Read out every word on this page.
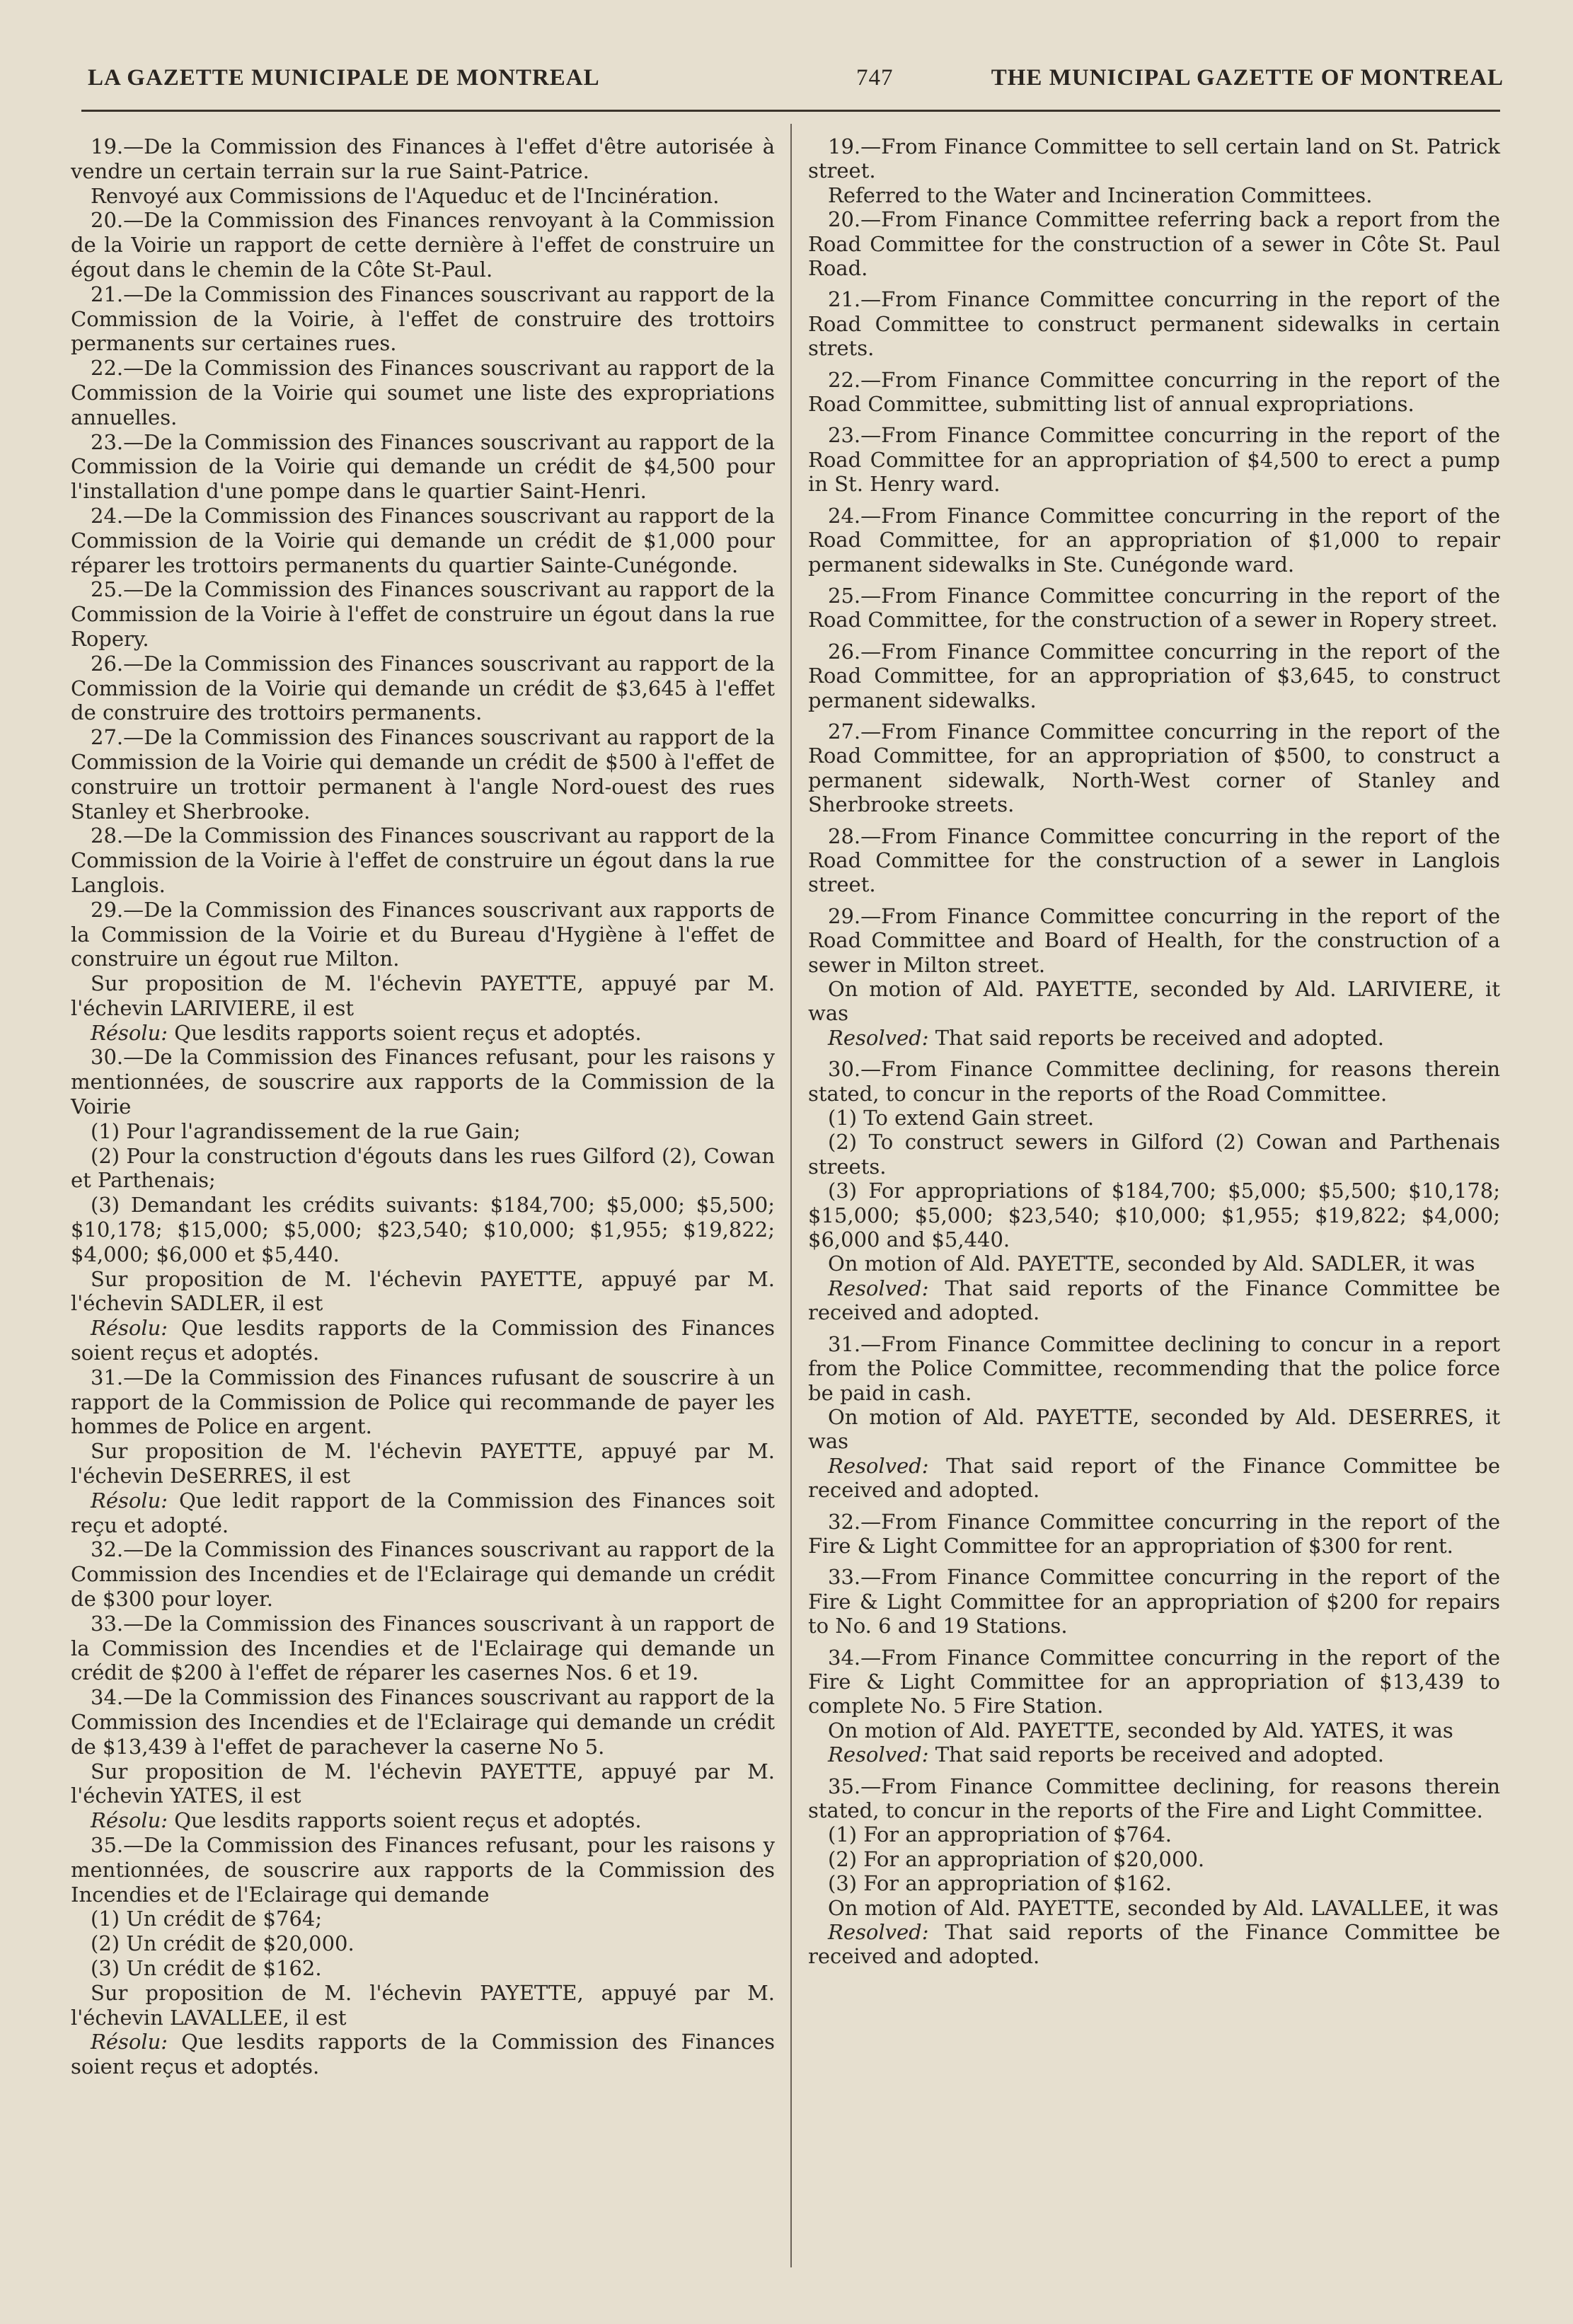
LA GAZETTE MUNICIPALE DE MONTREAL	747	THE MUNICIPAL GAZETTE OF MONTREAL

19.—De la Commission des Finances à l'effet d'être autorisée à vendre un certain terrain sur la rue Saint-Patrice.

Renvoyé aux Commissions de l'Aqueduc et de l'Incinération.

20.—De la Commission des Finances renvoyant à la Commission de la Voirie un rapport de cette dernière à l'effet de construire un égout dans le chemin de la Côte St-Paul.

21.—De la Commission des Finances souscrivant au rapport de la Commission de la Voirie, à l'effet de construire des trottoirs permanents sur certaines rues.

22.—De la Commission des Finances souscrivant au rapport de la Commission de la Voirie qui soumet une liste des expropriations annuelles.

23.—De la Commission des Finances souscrivant au rapport de la Commission de la Voirie qui demande un crédit de $4,500 pour l'installation d'une pompe dans le quartier Saint-Henri.

24.—De la Commission des Finances souscrivant au rapport de la Commission de la Voirie qui demande un crédit de $1,000 pour réparer les trottoirs permanents du quartier Sainte-Cunégonde.

25.—De la Commission des Finances souscrivant au rapport de la Commission de la Voirie à l'effet de construire un égout dans la rue Ropery.

26.—De la Commission des Finances souscrivant au rapport de la Commission de la Voirie qui demande un crédit de $3,645 à l'effet de construire des trottoirs permanents.

27.—De la Commission des Finances souscrivant au rapport de la Commission de la Voirie qui demande un crédit de $500 à l'effet de construire un trottoir permanent à l'angle Nord-ouest des rues Stanley et Sherbrooke.

28.—De la Commission des Finances souscrivant au rapport de la Commission de la Voirie à l'effet de construire un égout dans la rue Langlois.

29.—De la Commission des Finances souscrivant aux rapports de la Commission de la Voirie et du Bureau d'Hygiène à l'effet de construire un égout rue Milton.

Sur proposition de M. l'échevin PAYETTE, appuyé par M. l'échevin LARIVIERE, il est

Résolu: Que lesdits rapports soient reçus et adoptés.

30.—De la Commission des Finances refusant, pour les raisons y mentionnées, de souscrire aux rapports de la Commission de la Voirie

(1) Pour l'agrandissement de la rue Gain;

(2) Pour la construction d'égouts dans les rues Gilford (2), Cowan et Parthenais;

(3) Demandant les crédits suivants: $184,700; $5,000; $5,500; $10,178; $15,000; $5,000; $23,540; $10,000; $1,955; $19,822; $4,000; $6,000 et $5,440.

Sur proposition de M. l'échevin PAYETTE, appuyé par M. l'échevin SADLER, il est

Résolu: Que lesdits rapports de la Commission des Finances soient reçus et adoptés.

31.—De la Commission des Finances rufusant de souscrire à un rapport de la Commission de Police qui recommande de payer les hommes de Police en argent.

Sur proposition de M. l'échevin PAYETTE, appuyé par M. l'échevin DeSERRES, il est

Résolu: Que ledit rapport de la Commission des Finances soit reçu et adopté.

32.—De la Commission des Finances souscrivant au rapport de la Commission des Incendies et de l'Eclairage qui demande un crédit de $300 pour loyer.

33.—De la Commission des Finances souscrivant à un rapport de la Commission des Incendies et de l'Eclairage qui demande un crédit de $200 à l'effet de réparer les casernes Nos. 6 et 19.

34.—De la Commission des Finances souscrivant au rapport de la Commission des Incendies et de l'Eclairage qui demande un crédit de $13,439 à l'effet de parachever la caserne No 5.

Sur proposition de M. l'échevin PAYETTE, appuyé par M. l'échevin YATES, il est

Résolu: Que lesdits rapports soient reçus et adoptés.

35.—De la Commission des Finances refusant, pour les raisons y mentionnées, de souscrire aux rapports de la Commission des Incendies et de l'Eclairage qui demande

(1) Un crédit de $764;

(2) Un crédit de $20,000.

(3) Un crédit de $162.

Sur proposition de M. l'échevin PAYETTE, appuyé par M. l'échevin LAVALLEE, il est

Résolu: Que lesdits rapports de la Commission des Finances soient reçus et adoptés.

19.—From Finance Committee to sell certain land on St. Patrick street.

Referred to the Water and Incineration Committees.

20.—From Finance Committee referring back a report from the Road Committee for the construction of a sewer in Côte St. Paul Road.

21.—From Finance Committee concurring in the report of the Road Committee to construct permanent sidewalks in certain strets.

22.—From Finance Committee concurring in the report of the Road Committee, submitting list of annual expropriations.

23.—From Finance Committee concurring in the report of the Road Committee for an appropriation of $4,500 to erect a pump in St. Henry ward.

24.—From Finance Committee concurring in the report of the Road Committee, for an appropriation of $1,000 to repair permanent sidewalks in Ste. Cunégonde ward.

25.—From Finance Committee concurring in the report of the Road Committee, for the construction of a sewer in Ropery street.

26.—From Finance Committee concurring in the report of the Road Committee, for an appropriation of $3,645, to construct permanent sidewalks.

27.—From Finance Committee concurring in the report of the Road Committee, for an appropriation of $500, to construct a permanent sidewalk, North-West corner of Stanley and Sherbrooke streets.

28.—From Finance Committee concurring in the report of the Road Committee for the construction of a sewer in Langlois street.

29.—From Finance Committee concurring in the report of the Road Committee and Board of Health, for the construction of a sewer in Milton street.

On motion of Ald. PAYETTE, seconded by Ald. LARIVIERE, it was

Resolved: That said reports be received and adopted.

30.—From Finance Committee declining, for reasons therein stated, to concur in the reports of the Road Committee.

(1) To extend Gain street.

(2) To construct sewers in Gilford (2) Cowan and Parthenais streets.

(3) For appropriations of $184,700; $5,000; $5,500; $10,178; $15,000; $5,000; $23,540; $10,000; $1,955; $19,822; $4,000; $6,000 and $5,440.

On motion of Ald. PAYETTE, seconded by Ald. SADLER, it was

Resolved: That said reports of the Finance Committee be received and adopted.

31.—From Finance Committee declining to concur in a report from the Police Committee, recommending that the police force be paid in cash.

On motion of Ald. PAYETTE, seconded by Ald. DESERRES, it was

Resolved: That said report of the Finance Committee be received and adopted.

32.—From Finance Committee concurring in the report of the Fire & Light Committee for an appropriation of $300 for rent.

33.—From Finance Committee concurring in the report of the Fire & Light Committee for an appropriation of $200 for repairs to No. 6 and 19 Stations.

34.—From Finance Committee concurring in the report of the Fire & Light Committee for an appropriation of $13,439 to complete No. 5 Fire Station.

On motion of Ald. PAYETTE, seconded by Ald. YATES, it was

Resolved: That said reports be received and adopted.

35.—From Finance Committee declining, for reasons therein stated, to concur in the reports of the Fire and Light Committee.

(1) For an appropriation of $764.

(2) For an appropriation of $20,000.

(3) For an appropriation of $162.

On motion of Ald. PAYETTE, seconded by Ald. LAVALLEE, it was

Resolved: That said reports of the Finance Committee be received and adopted.
